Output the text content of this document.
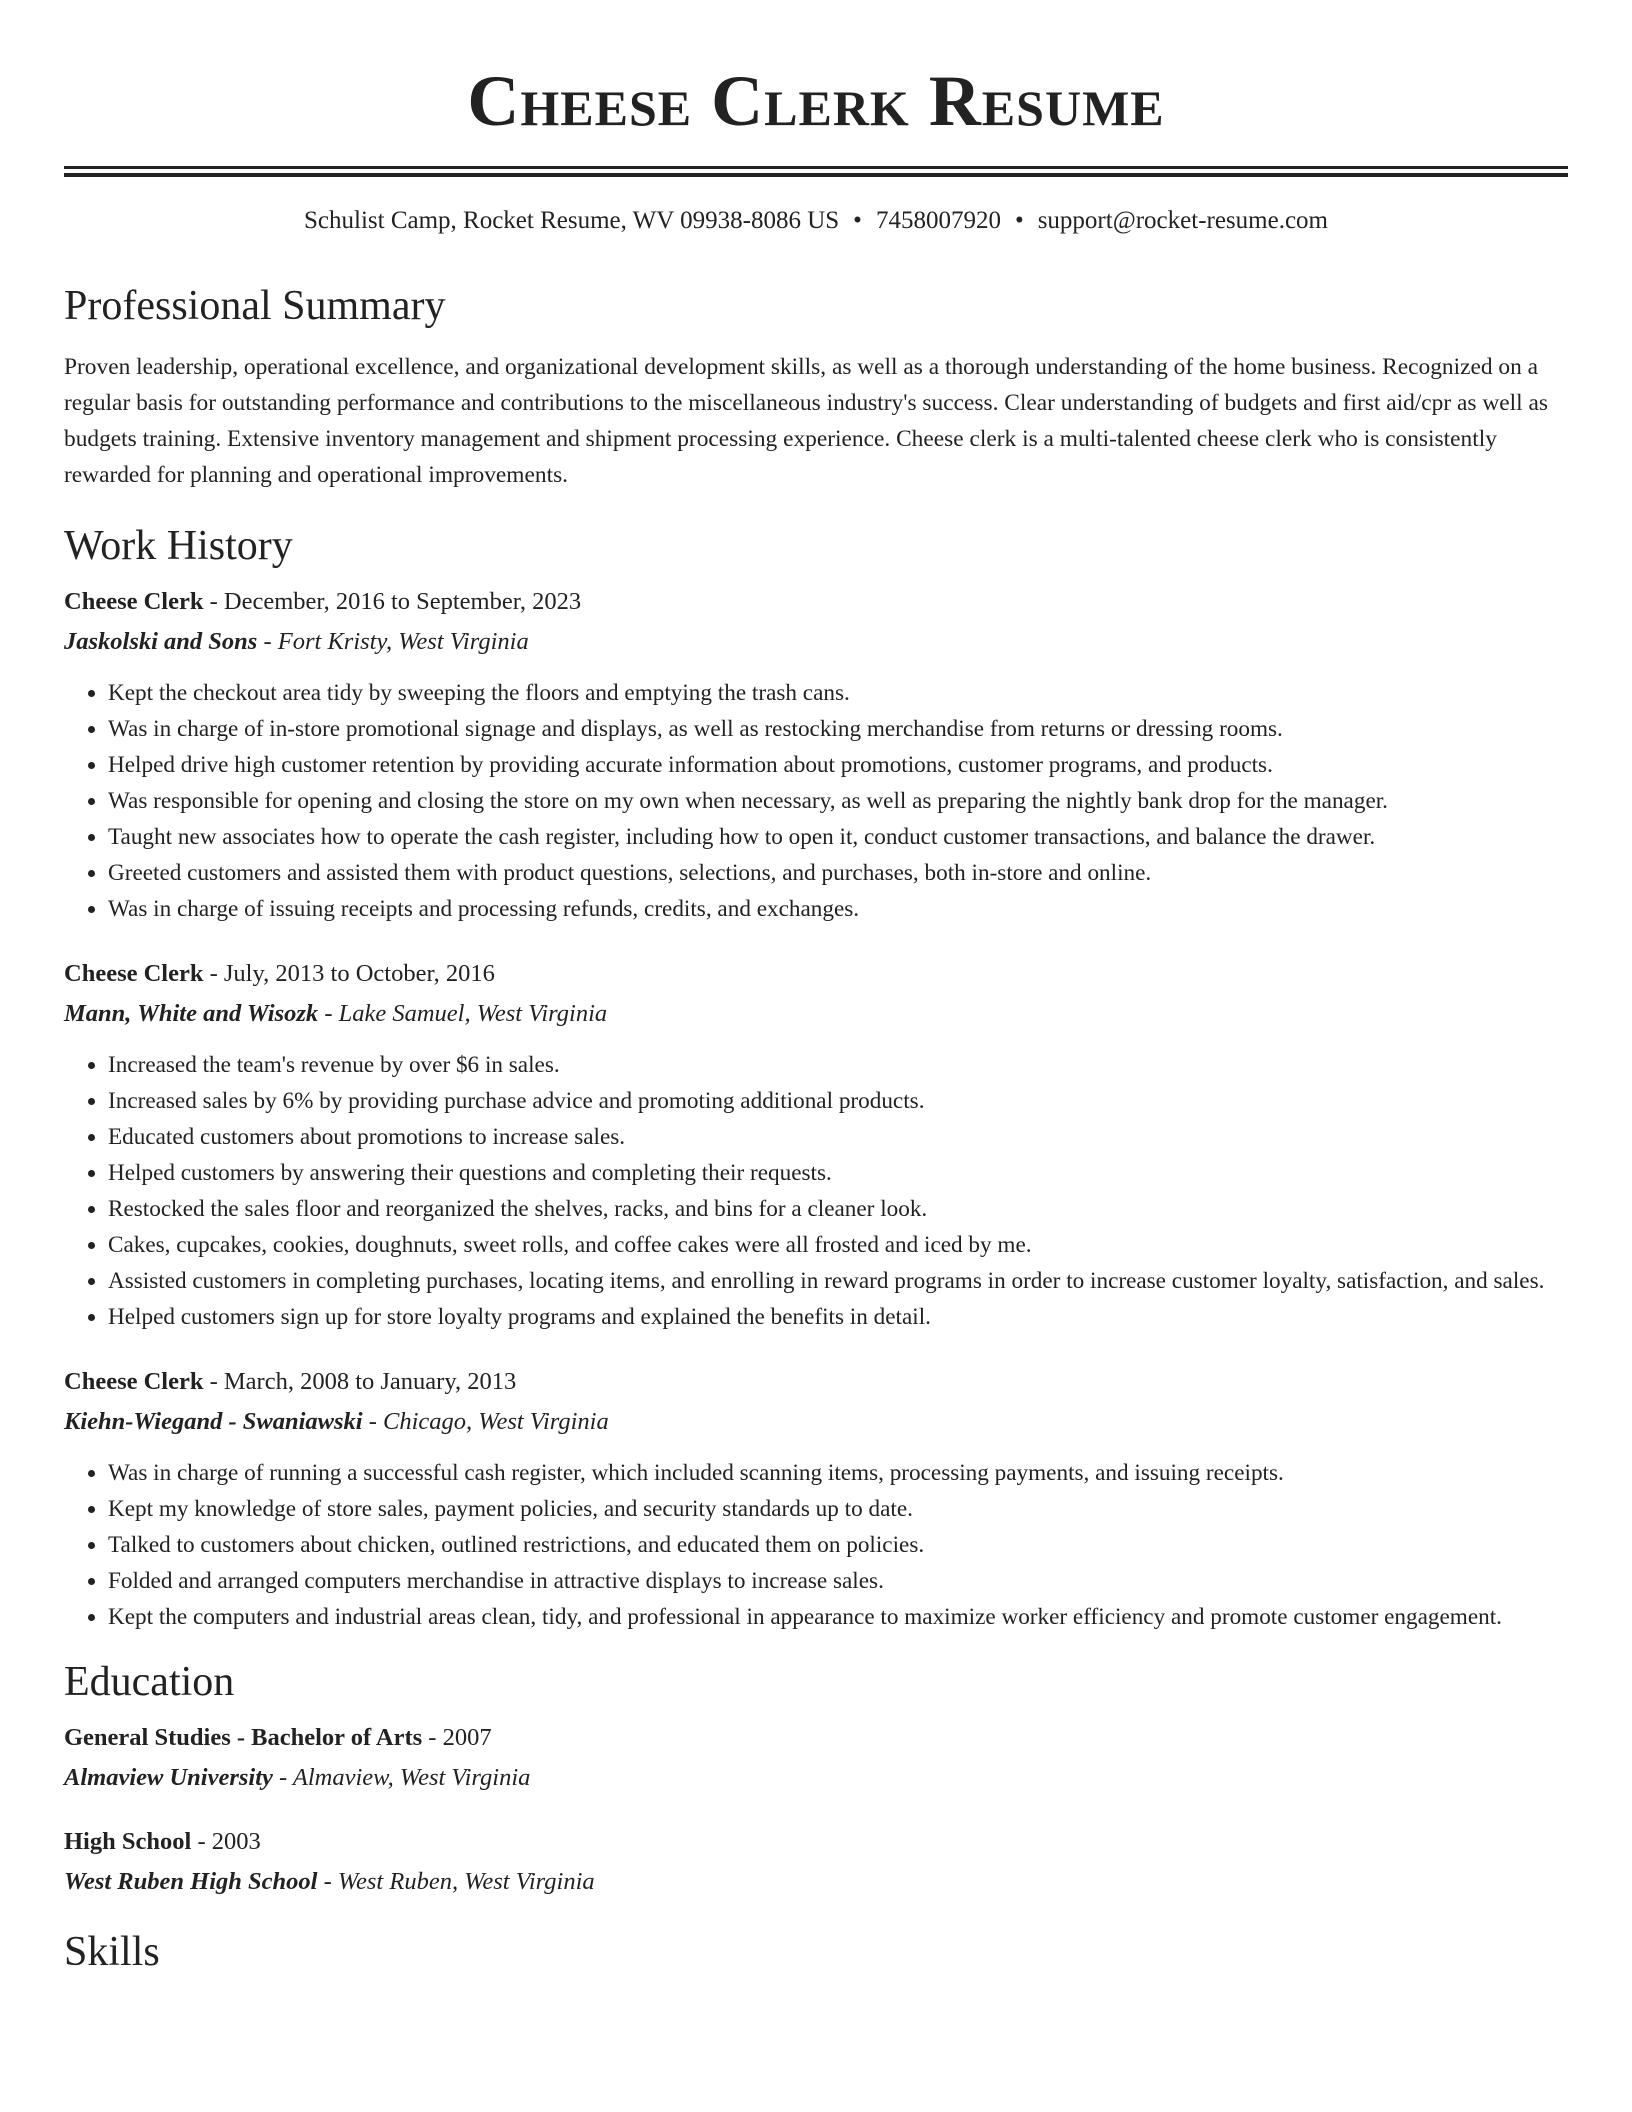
Cheese Clerk Resume
Schulist Camp, Rocket Resume, WV 09938-8086 US • 7458007920 • support@rocket-resume.com
Professional Summary

Proven leadership, operational excellence, and organizational development skills, as well as a thorough understanding of the home business. Recognized on a regular basis for outstanding performance and contributions to the miscellaneous industry's success. Clear understanding of budgets and first aid/cpr as well as budgets training. Extensive inventory management and shipment processing experience. Cheese clerk is a multi-talented cheese clerk who is consistently rewarded for planning and operational improvements.

Work History
Cheese Clerk - December, 2016 to September, 2023
Jaskolski and Sons - Fort Kristy, West Virginia
• Kept the checkout area tidy by sweeping the floors and emptying the trash cans.
• Was in charge of in-store promotional signage and displays, as well as restocking merchandise from returns or dressing rooms.
• Helped drive high customer retention by providing accurate information about promotions, customer programs, and products.
• Was responsible for opening and closing the store on my own when necessary, as well as preparing the nightly bank drop for the manager.
• Taught new associates how to operate the cash register, including how to open it, conduct customer transactions, and balance the drawer.
• Greeted customers and assisted them with product questions, selections, and purchases, both in-store and online.
• Was in charge of issuing receipts and processing refunds, credits, and exchanges.
Cheese Clerk - July, 2013 to October, 2016
Mann, White and Wisozk - Lake Samuel, West Virginia
• Increased the team's revenue by over $6 in sales.
• Increased sales by 6% by providing purchase advice and promoting additional products.
• Educated customers about promotions to increase sales.
• Helped customers by answering their questions and completing their requests.
• Restocked the sales floor and reorganized the shelves, racks, and bins for a cleaner look.
• Cakes, cupcakes, cookies, doughnuts, sweet rolls, and coffee cakes were all frosted and iced by me.
• Assisted customers in completing purchases, locating items, and enrolling in reward programs in order to increase customer loyalty, satisfaction, and sales.
• Helped customers sign up for store loyalty programs and explained the benefits in detail.
Cheese Clerk - March, 2008 to January, 2013
Kiehn-Wiegand - Swaniawski - Chicago, West Virginia
• Was in charge of running a successful cash register, which included scanning items, processing payments, and issuing receipts.
• Kept my knowledge of store sales, payment policies, and security standards up to date.
• Talked to customers about chicken, outlined restrictions, and educated them on policies.
• Folded and arranged computers merchandise in attractive displays to increase sales.
• Kept the computers and industrial areas clean, tidy, and professional in appearance to maximize worker efficiency and promote customer engagement.
Education
General Studies - Bachelor of Arts - 2007
Almaview University - Almaview, West Virginia
High School - 2003
West Ruben High School - West Ruben, West Virginia
Skills
